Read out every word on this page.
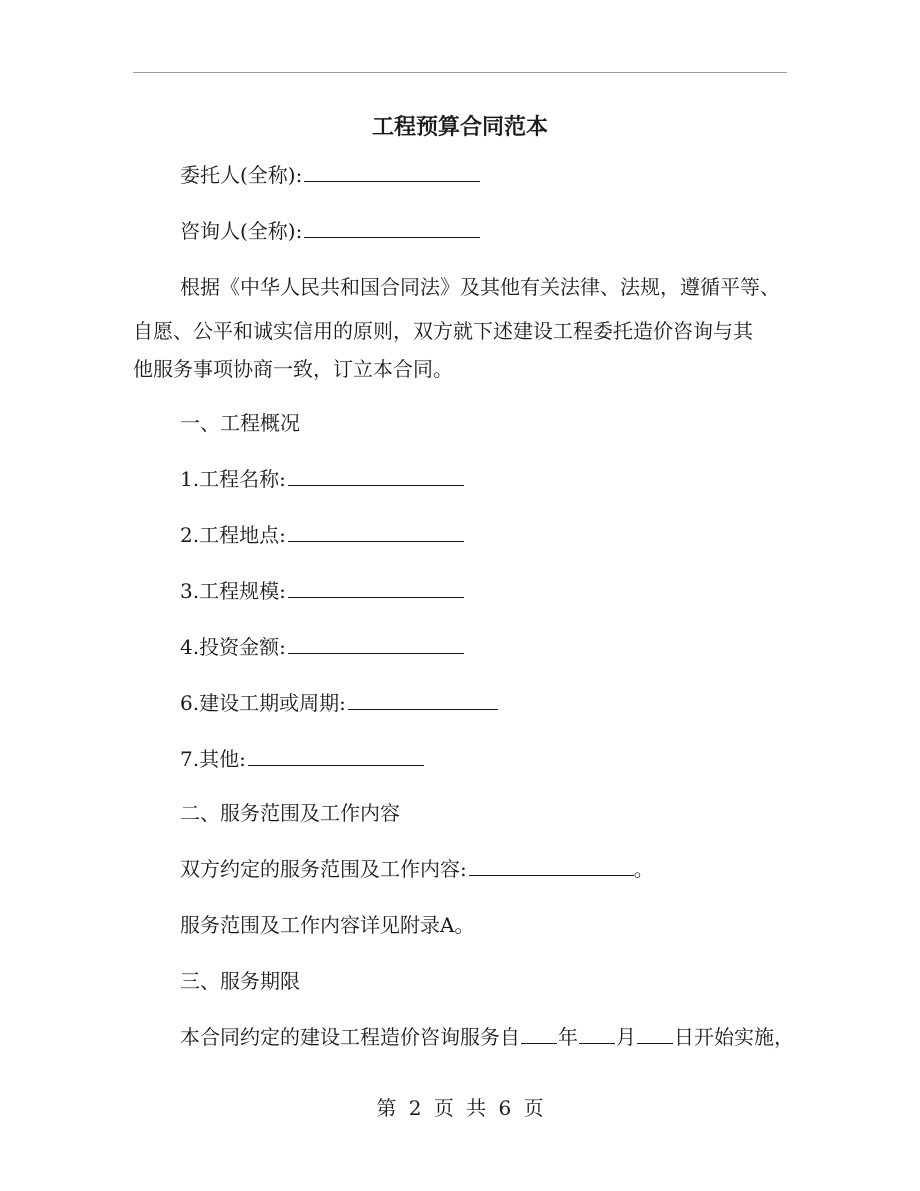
工程预算合同范本
委托人(全称):
咨询人(全称):
根据《中华人民共和国合同法》及其他有关法律、法规，遵循平等、
自愿、公平和诚实信用的原则，双方就下述建设工程委托造价咨询与其
他服务事项协商一致，订立本合同。
一、工程概况
1.工程名称:
2.工程地点:
3.工程规模:
4.投资金额:
6.建设工期或周期:
7.其他:
二、服务范围及工作内容
双方约定的服务范围及工作内容:	。
服务范围及工作内容详见附录A。
三、服务期限
本合同约定的建设工程造价咨询服务自 年 月 日开始实施，
第 2 页 共 6 页
